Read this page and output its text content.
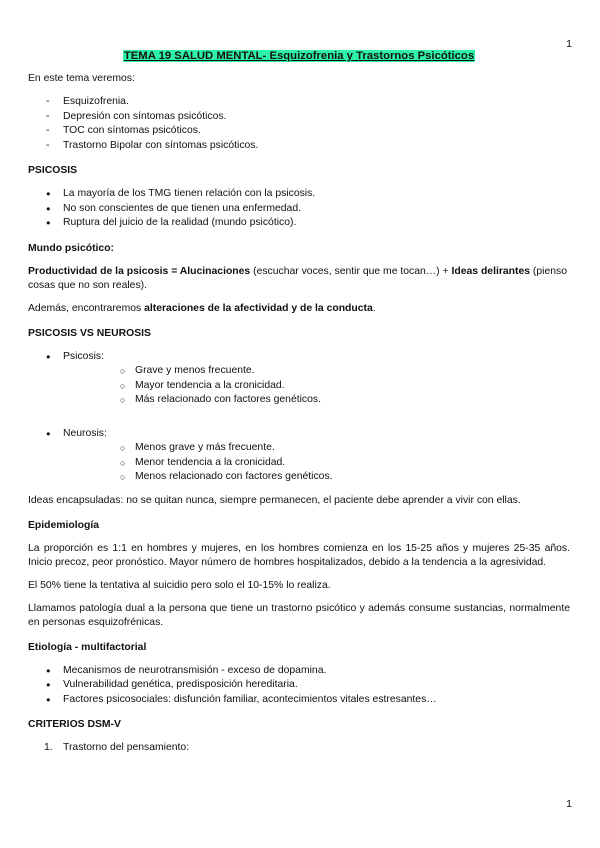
1
TEMA 19 SALUD MENTAL- Esquizofrenia y Trastornos Psicóticos

En este tema veremos:

- Esquizofrenia.
- Depresión con síntomas psicóticos.
- TOC con síntomas psicóticos.
- Trastorno Bipolar con síntomas psicóticos.
PSICOSIS
● La mayoría de los TMG tienen relación con la psicosis.
● No son conscientes de que tienen una enfermedad.
● Ruptura del juicio de la realidad (mundo psicótico).
Mundo psicótico:

Productividad de la psicosis = Alucinaciones (escuchar voces, sentir que me tocan…) + Ideas delirantes (pienso cosas que no son reales).

Además, encontraremos alteraciones de la afectividad y de la conducta.

PSICOSIS VS NEUROSIS
● Psicosis:
○ Grave y menos frecuente.
○ Mayor tendencia a la cronicidad.
○ Más relacionado con factores genéticos.
● Neurosis:
○ Menos grave y más frecuente.
○ Menor tendencia a la cronicidad.
○ Menos relacionado con factores genéticos.

Ideas encapsuladas: no se quitan nunca, siempre permanecen, el paciente debe aprender a vivir con ellas.

Epidemiología

La proporción es 1:1 en hombres y mujeres, en los hombres comienza en los 15-25 años y mujeres 25-35 años. Inicio precoz, peor pronóstico. Mayor número de hombres hospitalizados, debido a la tendencia a la agresividad.

El 50% tiene la tentativa al suicidio pero solo el 10-15% lo realiza.

Llamamos patología dual a la persona que tiene un trastorno psicótico y además consume sustancias, normalmente en personas esquizofrénicas.

Etiología - multifactorial
● Mecanismos de neurotransmisión - exceso de dopamina.
● Vulnerabilidad genética, predisposición hereditaria.
● Factores psicosociales: disfunción familiar, acontecimientos vitales estresantes…
CRITERIOS DSM-V
1. Trastorno del pensamiento:
1
